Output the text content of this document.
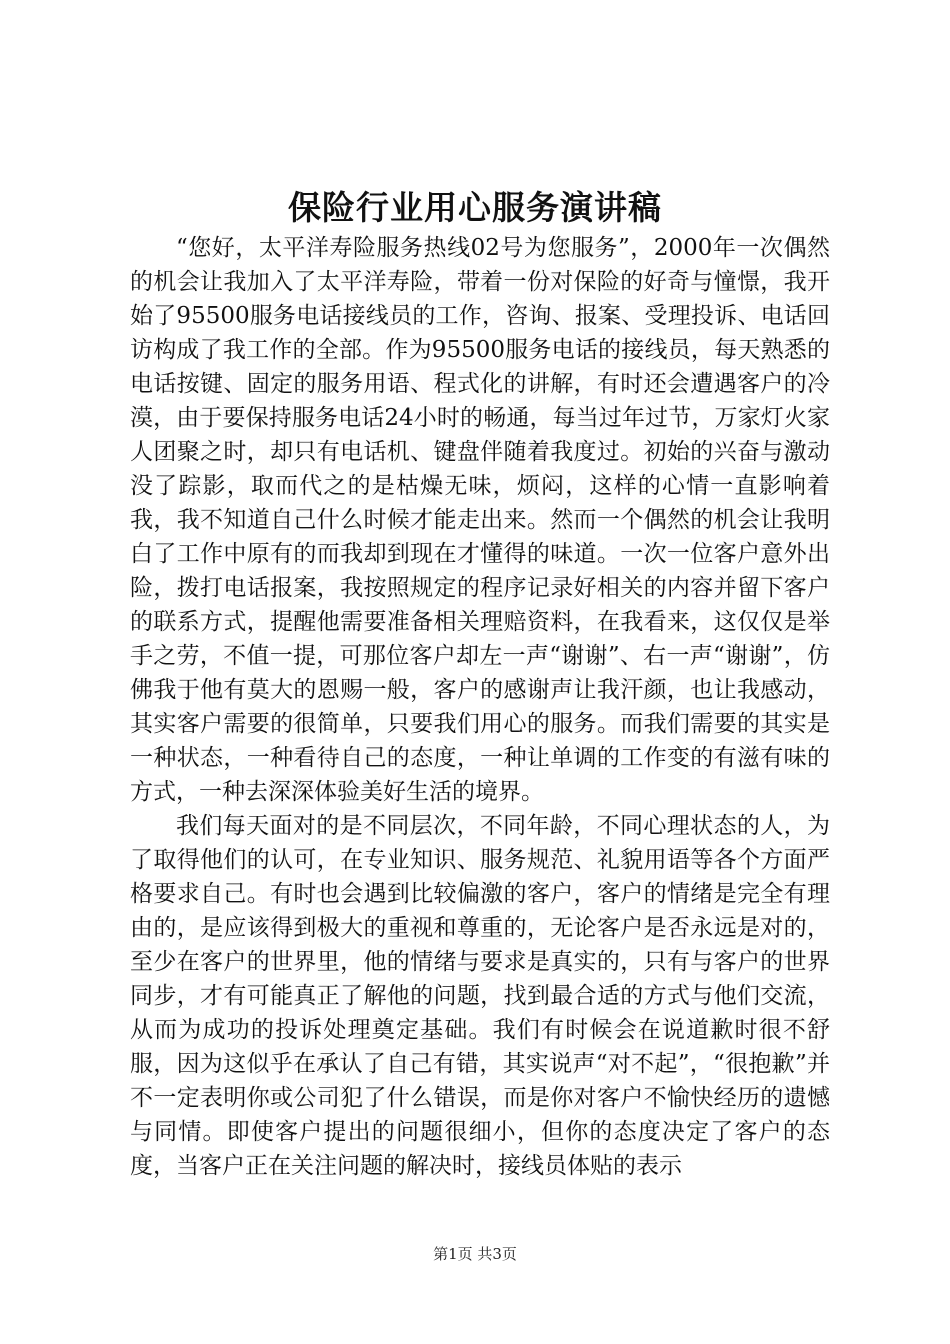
保险行业用心服务演讲稿

“您好，太平洋寿险服务热线02号为您服务”，2000年一次偶然的机会让我加入了太平洋寿险，带着一份对保险的好奇与憧憬，我开始了95500服务电话接线员的工作，咨询、报案、受理投诉、电话回访构成了我工作的全部。作为95500服务电话的接线员，每天熟悉的电话按键、固定的服务用语、程式化的讲解，有时还会遭遇客户的冷漠，由于要保持服务电话24小时的畅通，每当过年过节，万家灯火家人团聚之时，却只有电话机、键盘伴随着我度过。初始的兴奋与激动没了踪影，取而代之的是枯燥无味，烦闷，这样的心情一直影响着我，我不知道自己什么时候才能走出来。然而一个偶然的机会让我明白了工作中原有的而我却到现在才懂得的味道。一次一位客户意外出险，拨打电话报案，我按照规定的程序记录好相关的内容并留下客户的联系方式，提醒他需要准备相关理赔资料，在我看来，这仅仅是举手之劳，不值一提，可那位客户却左一声“谢谢”、右一声“谢谢”，仿佛我于他有莫大的恩赐一般，客户的感谢声让我汗颜，也让我感动，其实客户需要的很简单，只要我们用心的服务。而我们需要的其实是一种状态，一种看待自己的态度，一种让单调的工作变的有滋有味的方式，一种去深深体验美好生活的境界。

我们每天面对的是不同层次，不同年龄，不同心理状态的人，为了取得他们的认可，在专业知识、服务规范、礼貌用语等各个方面严格要求自己。有时也会遇到比较偏激的客户，客户的情绪是完全有理由的，是应该得到极大的重视和尊重的，无论客户是否永远是对的，至少在客户的世界里，他的情绪与要求是真实的，只有与客户的世界同步，才有可能真正了解他的问题，找到最合适的方式与他们交流，从而为成功的投诉处理奠定基础。我们有时候会在说道歉时很不舒服，因为这似乎在承认了自己有错，其实说声“对不起”，“很抱歉”并不一定表明你或公司犯了什么错误，而是你对客户不愉快经历的遗憾与同情。即使客户提出的问题很细小，但你的态度决定了客户的态度，当客户正在关注问题的解决时，接线员体贴的表示

第1页 共3页
